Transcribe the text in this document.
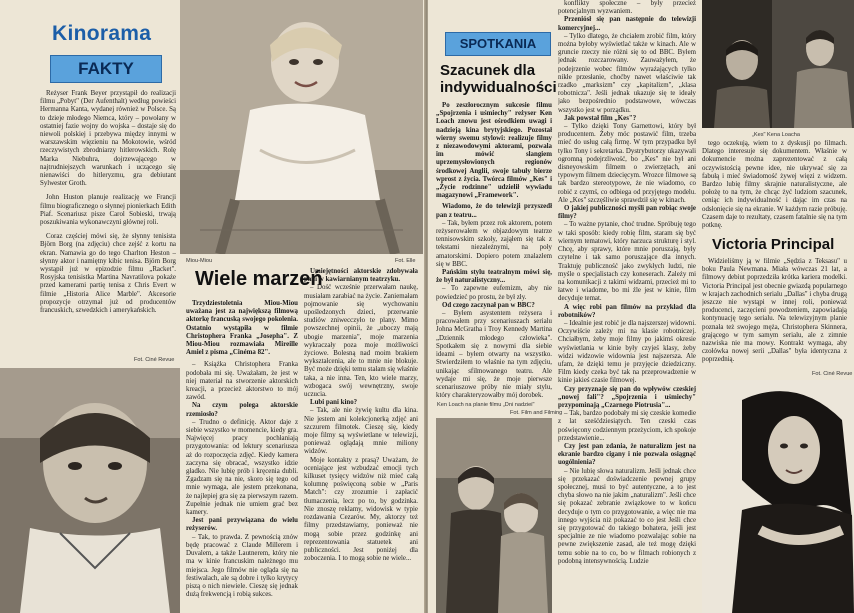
Kinorama
FAKTY

Reżyser Frank Beyer przystąpił do realizacji filmu „Pobyt" (Der Aufenthalt) według powieści Hermanna Kanta, wydanej również w Polsce. Są to dzieje młodego Niemca, który – powołany w ostatniej fazie wojny do wojska – dostaje się do niewoli polskiej i przebywa między innymi w warszawskim więzieniu na Mokotowie, wśród rzeczywistych zbrodniarzy hitlerowskich. Rolę Marka Niebuhra, dojrzewającego w najtrudniejszych warunkach i uczącego się nienawiści do hitleryzmu, gra debiutant Sylwester Groth.

John Huston planuje realizację we Francji filmu biograficznego o słynnej pionierkach Edith Piaf. Scenariusz pisze Carol Sobieski, trwają poszukiwania wykonawczyni głównej roli.

Coraz częściej mówi się, że słynny tenisista Björn Borg (na zdjęciu) chce zejść z kortu na ekran. Namawia go do tego Charlton Heston – słynny aktor i namiętny kibic tenisa. Björn Borg wystąpił już w epizodzie filmu „Racket". Rosyjska tenisistka Martina Navratilova pokaże przed kamerami partię tenisa z Chris Evert w filmie „Historia Alice Marble". Akcesorie propozycje otrzymał już od producentów francuskich, szwedzkich i amerykańskich.

Fot. Ciné Revue
Miou-Miou
Wiele marzeń

Trzydziestoletnia Miou-Miou uważana jest za największą filmową aktorkę francuską swojego pokolenia. Ostatnio wystąpiła w filmie Christophera Franka „Josepha". Z Miou-Miou rozmawiała Mireille Amiel z pisma „Cinéma 82".

– Książka Christophera Franka podobała mi się. Uważałam, że jest w niej materiał na stworzenie aktorskich kreacji, a przecież aktorstwo to mój zawód.

Na czym polega aktorskie rzemiosło?

– Trudno o definicję. Aktor daje z siebie wszystko w momencie, kiedy gra. Najwięcej pracy pochłaniają przygotowania: od lektury scenariusza aż do rozpoczęcia zdjęć. Kiedy kamera zaczyna się obracać, wszystko idzie gładko. Nie lubię prób i kręcenia dubli. Zgadzam się na nie, skoro się tego od mnie wymaga, ale jestem przekonana, że najlepiej gra się za pierwszym razem. Zupełnie jednak nie umiem grać bez kamery.

Jest pani przywiązana do wielu reżyserów.

– Tak, to prawda. Z pewnością znów będę pracować z Claude Millerem i Duvalem, a także Lautnerem, który nie ma w kinie francuskim należnego mu miejsca. Jego filmów nie ogląda się na festiwalach, ale są dobre i tylko krytycy piszą o nich niewiele. Cieszę się jednak dużą frekwencją i robią sukces.

Fot. Elle

Umiejętności aktorskie zdobywała pani w kawiarnianym teatrzyku.

– Dość wcześnie przerwałam naukę, musiałam zarabiać na życie. Zaniemałam pojmowanie się wychowaniu upośledzonych dzieci, przerwanie studiów zniwecczyło te plany. Mimo powszechnej opinii, że „uboczy mają ubogie marzenia", moje marzenia wykraczały poza moje możliwości życiowe. Bolesną nad moim brakiem wykształcenia, ale to mnie nie blokuje. Być może dzięki temu stałam się właśnie taka, a nie inna. Ten, kto wiele marzy, wzbogaca swój wewnętrzny, swoje uczucia.

Lubi pani kino?

– Tak, ale nie żywię kultu dla kina. Nie jestem ani kolekcjonerką zdjęć ani szczurem filmotek. Cieszę się, kiedy moje filmy są wyświetlane w telewizji, ponieważ oglądają mnie miliony widzów.

Moje kontakty z prasą? Uważam, że oceniające jest wzbudzać emocji tych kilkuset tysięcy widzów niż mieć całą kolumnę poświęconą sobie w „Paris Match": czy zrozumie i zapłacić tłumaczenia, lecz po to, by godzinka. Nie znoszę reklamy, widowisk w typie rozdawania Cezarów. My, aktorzy też filmy przedstawiamy, ponieważ nie mogą sobie przez godzinkę ani reprezentowania statuetek ani publiczności. Jest poniżej dla zoboczenia. I to mogą sobie ne wiele...

SPOTKANIA
Szacunek dla
indywidualności

Po zeszłorocznym sukcesie filmu „Spojrzenia i uśmiechy" reżyser Ken Loach znowu jest ośrodkiem uwagi i nadzieją kina brytyjskiego. Pozostał wierny swemu stylowi: realizuje filmy z niezawodowymi aktorami, pozwala im mówić slangiem uprzemysłowionych regionów środkowej Anglii, swoje tabuły bierze wprost z życia. Twórca filmów „Kes" i „Życie rodzinne" udzielił wywiadu magazynowi „Framework".

Wiadomo, że do telewizji przyszedł pan z teatru...

– Tak, byłem przez rok aktorem, potem reżyserowałem w objazdowym teatrze tennisowskim szkoły, zająłem się tak z tekstami niezależnymi, na poły amatorskimi. Dopiero potem znalazłem się w BBC.

Pańskim stylu teatralnym mówi się, że był naturalistyczny...

– To zapewne eufemizm, aby nie powiedzieć po prostu, że był zły.

Od czego zaczynał pan w BBC?

– Byłem asystentem reżysera i pracowałem przy scenariuszach serialu Johna McGratha i Troy Kennedy Martina „Dziennik młodego człowieka". Spotkałem się z nowymi dla siebie ideami – byłem otwarty na wszystko. Stwierdziłem to właśnie na tym zdjęciu, unikając sfilmowanego teatru. Ale wydaje mi się, że moje pierwsze scenariuszowe próby nie miały stylu, który charakteryzowałby mój dorobek.

Ken Loach na planie filmu „Dni nadziei"
Fot. Film and Filming

konflikty społeczne – były przecież potencjalnym wyzwaniem.

Przeniósł się pan następnie do telewizji komercyjnej...

– Tylko dlatego, że chciałem zrobić film, który można byłoby wyświetlać także w kinach. Ale w gruncie rzeczy nie różni się to od BBC. Byłem jednak rozczarowany. Zauważyłem, że podejrzenie wobec filmów wyrażających tylko nikłe przesłanie, choćby nawet właściwie tak rzadko „marksizm" czy „kapitalizm", „klasa robotnicza". Jeśli jednak ukazuje się te ideały jako bezpośrednio podstawowe, wówczas wszystko jest w porządku.

Jak powstał film „Kes"?

– Tylko dzięki Tony Garnettowi, który był producentem. Żeby móc postawić film, trzeba mieć do usług całą firmę. W tym przypadku był tylko Tony i sekretarka. Dystrybutorzy ukazywali ogromną podejrzliwość, bo „Kes" nie był ani disneyowskim filmem o zwierzętach, ani typowym filmem dziecięcym. Wrozce filmowe są tak bardzo stereotypowe, że nie wiadomo, co robić z czymś, co odbiega od przyjętego modelu. Ale „Kes" szczęśliwie sprawdził się w kinach.

O jakiej publiczności myśli pan robiąc swoje filmy?

– To ważne pytanie, choć trudne. Spróbuję tego w taki sposób: kiedy robię film, staram się być wiernym tematowi, który narzuca strukturę i styl. Chcę, aby sprawy, które mnie poruszają, były czytelne i tak samo poruszające dla innych. Traktuję publiczność jako zwykłych ludzi, nie myśle o specjalistach czy koneserach. Zależy mi na komunikacji z takimi widzami, przecież mi to łatwe i wiadome, bo mi źle jest w kinie, film decyduje temat.

A więc robi pan filmów na przykład dla robotników?

– Idealnie jest robić je dla najszerszej widowni. Oczywiście zależy mi na klasie robotniczej. Chciałbym, żeby moje filmy po jakimś okresie wyświetlania w kinie były czyjeś klasy, żeby widzi widzowie widownia jest najszersza. Ale ufam, że dzięki temu je przyjęcie dziedziczny. Film kiedy czeka być tak na przeprowadzenie w kinie jakieś czasie filmowej.

Czy przyznaje się pan do wpływów czeskiej „nowej fali"? „Spojrzenia i uśmiechy" przypominają „Czarnego Piotrusia"...

– Tak, bardzo podobały mi się czeskie komedie z lat sześćdziesiątych. Ten czeski czas poświęcony codziennym przeżyciom, ich spokoje przedstawienie...

Czy jest pan zdania, że naturalizm jest na ekranie bardzo cigany i nie pozwala osiągnąć uogólnienia?

– Nie lubię słowa naturalizm. Jeśli jednak chce się przekazać doświadczenie pewnej grupy społecznej, musi to być autentyczne, a to jest chyba słowo na nie jakim „naturalizm". Jeśli chce się pokazać zebranie związkowe to w końcu decyduje o tym co przygotowanie, a więc nie ma innego wyjścia niż pokazać to co jest Jeśli chce się przygotować do takiego bohatera, jeśli jest specjalnie ze nie wiadomo pozwalając sobie na pewne zwiększenie zasad, ale też mogę dzięki temu sobie na to co, bo w filmach robionych z podobną intensywnością. Ludzie

„Kes" Kena Loacha

tego oczekują, wiem to z dyskusji po filmach. Dlatego interesuje się dokumentem. Właśnie w dokumencie można zaprezentować z całą oczywistością pewne idee, nie ukrywać się za fabułą i mieć świadomość żywej więzi z widzem. Bardzo lubię filmy skrajnie naturalistyczne, ale położę to na tym, że chcąc żyć ludziom szacunek, ceniąc ich indywidualność i dając im czas na odsłonięcie się na ekranie. W każdym razie próbuję. Czasem daje to rezultaty, czasem fatalnie się na tym potknę.

Victoria Principal

Widzieliśmy ją w filmie „Sędzia z Teksasu" u boku Paula Newmana. Miała wówczas 21 lat, a filmowy debiut poprzedziła krótka kariera modelki. Victoria Principal jest obecnie gwiazdą popularnego w krajach zachodnich serialu „Dallas" i chyba drugą jeszcze nie wystąpi w innej roli, ponieważ producenci, zaczęcieni powodzeniem, zapowiadają kontynuację tego serialu. Na telewizyjnym planie poznała też swojego męża, Christophera Skinnera, grającego w tym samym serialu, ale z zimnie nazwiska nie ma mowy. Kontrakt wymaga, aby czołówka nowej serii „Dallas" była identyczna z poprzednią.

Fot. Ciné Revue
